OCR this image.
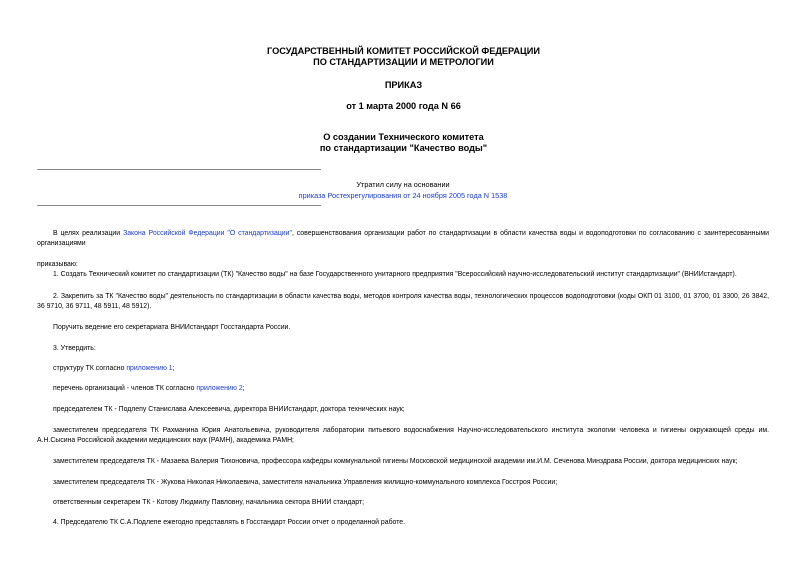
ГОСУДАРСТВЕННЫЙ КОМИТЕТ РОССИЙСКОЙ ФЕДЕРАЦИИ
ПО СТАНДАРТИЗАЦИИ И МЕТРОЛОГИИ
ПРИКАЗ
от 1 марта 2000 года N 66
О создании Технического комитета
по стандартизации "Качество воды"
Утратил силу на основании
приказа Ростехрегулирования от 24 ноября 2005 года N 1538
В целях реализации Закона Российской Федерации "О стандартизации", совершенствования организации работ по стандартизации в области качества воды и водоподготовки по согласованию с заинтересованными организациями
приказываю:
1. Создать Технический комитет по стандартизации (ТК) "Качество воды" на базе Государственного унитарного предприятия "Всероссийский научно-исследовательский институт стандартизации" (ВНИИстандарт).
2. Закрепить за ТК "Качество воды" деятельность по стандартизации в области качества воды, методов контроля качества воды, технологических процессов водоподготовки (коды ОКП 01 3100, 01 3700, 01 3300, 26 3842, 36 9710, 36 9711, 48 5911, 48 5912).
Поручить ведение его секретариата ВНИИстандарт Госстандарта России.
3. Утвердить:
структуру ТК согласно приложению 1;
перечень организаций - членов ТК согласно приложению 2;
председателем ТК - Подлепу Станислава Алексеевича, директора ВНИИстандарт, доктора технических наук;
заместителем председателя ТК Рахманина Юрия Анатольевича, руководителя лаборатории питьевого водоснабжения Научно-исследовательского института экологии человека и гигиены окружающей среды им. А.Н.Сысина Российской академии медицинских наук (РАМН), академика РАМН;
заместителем председателя ТК - Мазаева Валерия Тихоновича, профессора кафедры коммунальной гигиены Московской медицинской академии им.И.М. Сеченова Минздрава России, доктора медицинских наук;
заместителем председателя ТК - Жукова Николая Николаевича, заместителя начальника Управления жилищно-коммунального комплекса Госстроя России;
ответственным секретарем ТК - Котову Людмилу Павловну, начальника сектора ВНИИ стандарт;
4. Председателю ТК С.А.Подлепе ежегодно представлять в Госстандарт России отчет о проделанной работе.
